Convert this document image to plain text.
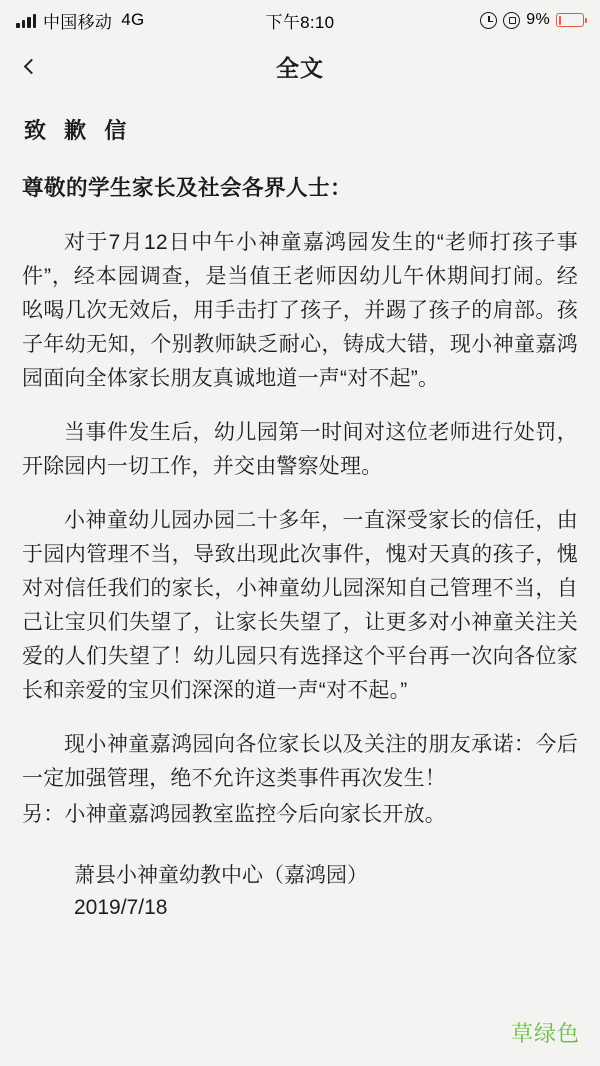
中国移动 4G	下午8:10	9%
全文
致 歉 信
尊敬的学生家长及社会各界人士：

对于7月12日中午小神童嘉鸿园发生的“老师打孩子事件”，经本园调查，是当值王老师因幼儿午休期间打闹。经吆喝几次无效后，用手击打了孩子，并踢了孩子的肩部。孩子年幼无知，个别教师缺乏耐心，铸成大错，现小神童嘉鸿园面向全体家长朋友真诚地道一声“对不起”。

当事件发生后，幼儿园第一时间对这位老师进行处罚，开除园内一切工作，并交由警察处理。

小神童幼儿园办园二十多年，一直深受家长的信任，由于园内管理不当，导致出现此次事件，愧对天真的孩子，愧对对信任我们的家长，小神童幼儿园深知自己管理不当，自己让宝贝们失望了，让家长失望了，让更多对小神童关注关爱的人们失望了！幼儿园只有选择这个平台再一次向各位家长和亲爱的宝贝们深深的道一声“对不起。”

现小神童嘉鸿园向各位家长以及关注的朋友承诺：今后一定加强管理，绝不允许这类事件再次发生！

另：小神童嘉鸿园教室监控今后向家长开放。

萧县小神童幼教中心（嘉鸿园）
2019/7/18
草绿色
